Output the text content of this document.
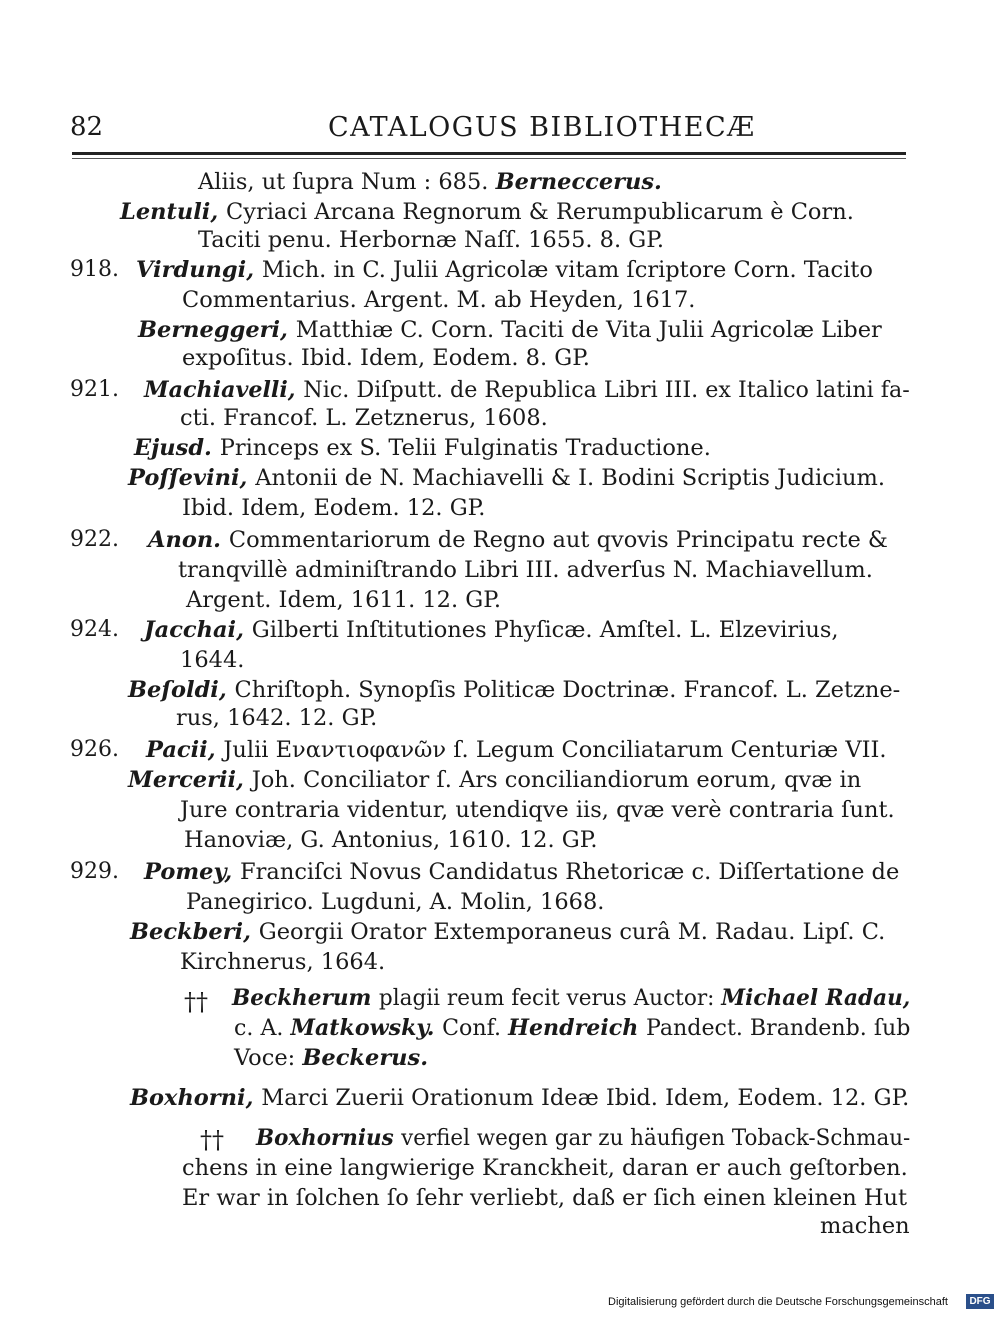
82	CATALOGUS BIBLIOTHECÆ
Aliis, ut ſupra Num : 685. Berneccerus.
Lentuli, Cyriaci Arcana Regnorum & Rerumpublicarum è Corn.
Taciti penu. Herbornæ Naſſ. 1655. 8. GP.
918. Virdungi, Mich. in C. Julii Agricolæ vitam ſcriptore Corn. Tacito
Commentarius. Argent. M. ab Heyden, 1617.
Berneggeri, Matthiæ C. Corn. Taciti de Vita Julii Agricolæ Liber
expoſitus. Ibid. Idem, Eodem. 8. GP.
921. Machiavelli, Nic. Diſputt. de Republica Libri III. ex Italico latini fa-
cti. Francof. L. Zetznerus, 1608.
Ejusd. Princeps ex S. Telii Fulginatis Traductione.
Poſſevini, Antonii de N. Machiavelli & I. Bodini Scriptis Judicium.
Ibid. Idem, Eodem. 12. GP.
922. Anon. Commentariorum de Regno aut qvovis Principatu recte &
tranqvillè adminiſtrando Libri III. adverſus N. Machiavellum.
Argent. Idem, 1611. 12. GP.
924. Jacchai, Gilberti Inſtitutiones Phyſicæ. Amſtel. L. Elzevirius,
1644.
Beſoldi, Chriſtoph. Synopſis Politicæ Doctrinæ. Francof. L. Zetzne-
rus, 1642. 12. GP.
926. Pacii, Julii Εναντιοφανῶν ſ. Legum Conciliatarum Centuriæ VII.
Mercerii, Joh. Conciliator ſ. Ars conciliandiorum eorum, qvæ in
Jure contraria videntur, utendiqve iis, qvæ verè contraria ſunt.
Hanoviæ, G. Antonius, 1610. 12. GP.
929. Pomey, Franciſci Novus Candidatus Rhetoricæ c. Diſſertatione de
Panegirico. Lugduni, A. Molin, 1668.
Beckberi, Georgii Orator Extemporaneus curâ M. Radau. Lipſ. C.
Kirchnerus, 1664.
Beckherum plagii reum fecit verus Auctor: Michael Radau,
c. A. Matkowsky. Conf. Hendreich Pandect. Brandenb. ſub
Voce: Beckerus.
Boxhorni, Marci Zuerii Orationum Ideæ Ibid. Idem, Eodem. 12. GP.
Boxhornius verfiel wegen gar zu häufigen Toback-Schmau-
chens in eine langwierige Kranckheit, daran er auch geſtorben.
Er war in ſolchen ſo ſehr verliebt, daß er ſich einen kleinen Hut
machen
††
††
Digitalisierung gefördert durch die Deutsche Forschungsgemeinschaft	DFG
